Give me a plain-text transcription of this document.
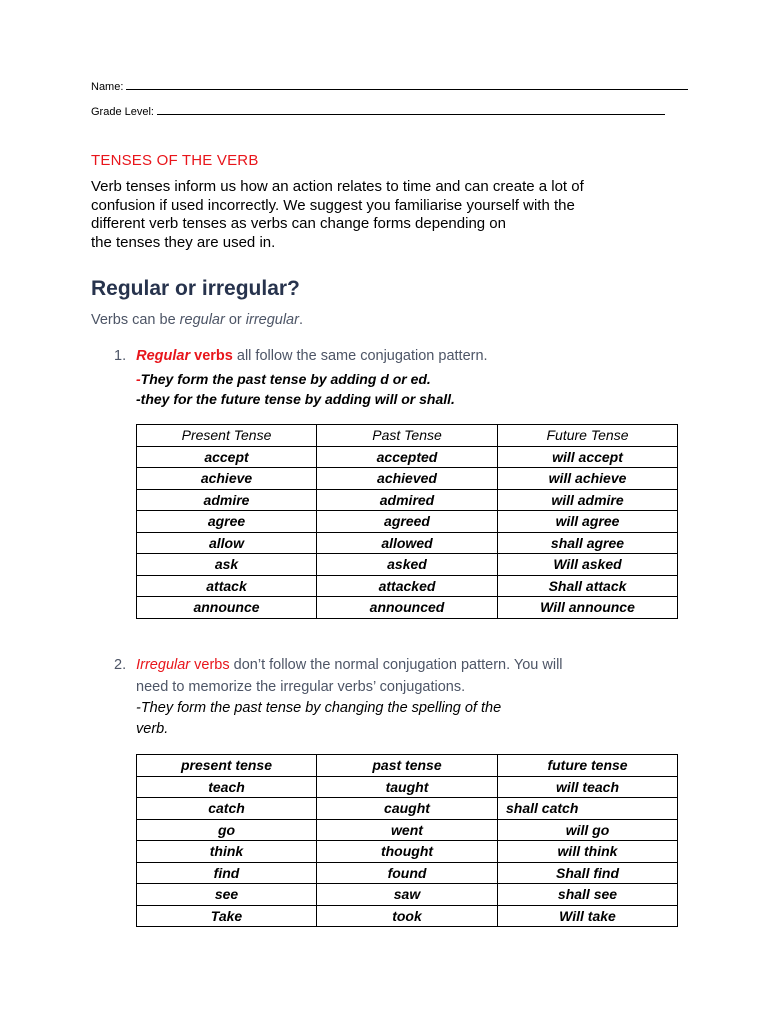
Name:
Grade Level:
TENSES OF THE VERB
Verb tenses inform us how an action relates to time and can create a lot of
confusion if used incorrectly. We suggest you familiarise yourself with the
different verb tenses as verbs can change forms depending on
the tenses they are used in.
Regular or irregular?
Verbs can be regular or irregular.
1. Regular verbs all follow the same conjugation pattern.
-They form the past tense by adding d or ed.
-they for the future tense by adding will or shall.
Present Tense	Past Tense	Future Tense
accept	accepted	will accept
achieve	achieved	will achieve
admire	admired	will admire
agree	agreed	will agree
allow	allowed	shall agree
ask	asked	Will asked
attack	attacked	Shall attack
announce	announced	Will announce
2. Irregular verbs don’t follow the normal conjugation pattern. You will
need to memorize the irregular verbs’ conjugations.
-They form the past tense by changing the spelling of the
verb.
present tense	past tense	future tense
teach	taught	will teach
catch	caught	shall catch
go	went	will go
think	thought	will think
find	found	Shall find
see	saw	shall see
Take	took	Will take
